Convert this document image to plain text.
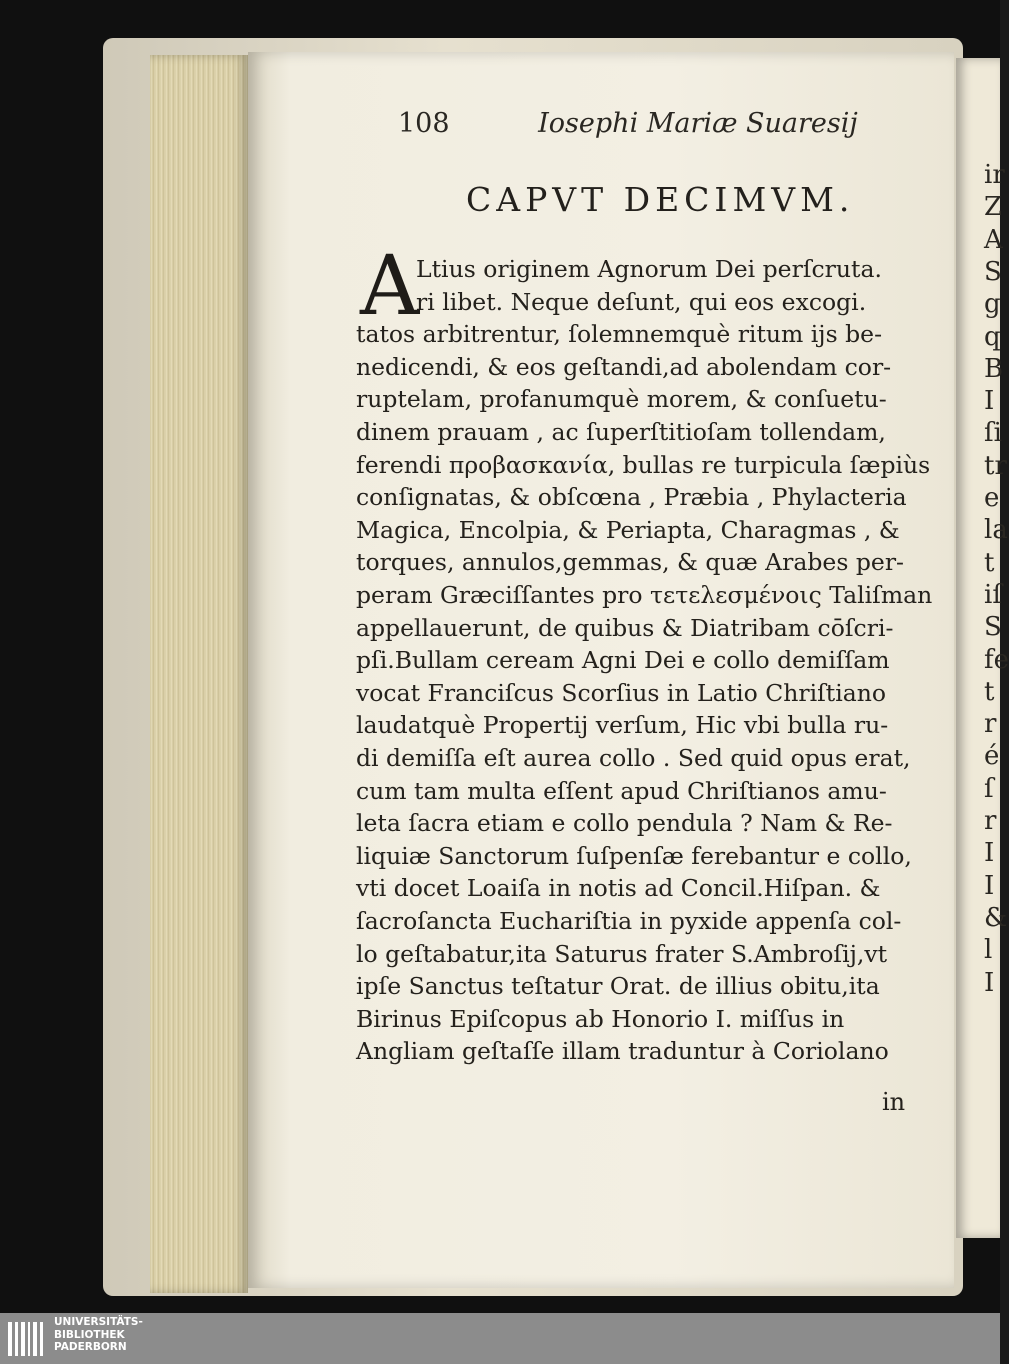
ir
Z
A
S
g
q
B
I
ſi
tr
e
la
t
iſ
S
fe
t
r
é
ſ
r
I
I
&
l
I
108	Iosephi Mariæ Suaresij
CAPVT DECIMVM.
A
Ltius originem Agnorum Dei perſcruta.
ri libet. Neque deſunt, qui eos excogi.
tatos arbitrentur, ſolemnemquè ritum ijs be-
nedicendi, & eos geſtandi,ad abolendam cor-
ruptelam, profanumquè morem, & conſuetu-
dinem prauam , ac ſuperſtitioſam tollendam,
ferendi προβασκανία, bullas re turpicula ſæpiùs
conſignatas, & obſcœna , Præbia , Phylacteria
Magica, Encolpia, & Periapta, Charagmas , &
torques, annulos,gemmas, & quæ Arabes per-
peram Græciſſantes pro τετελεσμένοις Taliſman
appellauerunt, de quibus & Diatribam cōſcri-
pſi.Bullam ceream Agni Dei e collo demiſſam
vocat Franciſcus Scorſius in Latio Chriſtiano
laudatquè Propertij verſum, Hic vbi bulla ru-
di demiſſa eſt aurea collo . Sed quid opus erat,
cum tam multa eſſent apud Chriſtianos amu-
leta ſacra etiam e collo pendula ? Nam & Re-
liquiæ Sanctorum ſuſpenſæ ferebantur e collo,
vti docet Loaiſa in notis ad Concil.Hiſpan. &
ſacroſancta Euchariſtia in pyxide appenſa col-
lo geſtabatur,ita Saturus frater S.Ambroſij,vt
ipſe Sanctus teſtatur Orat. de illius obitu,ita
Birinus Epiſcopus ab Honorio I. miſſus in
Angliam geſtaſſe illam traduntur à Coriolano
in
UNIVERSITÄTS-
BIBLIOTHEK
PADERBORN
